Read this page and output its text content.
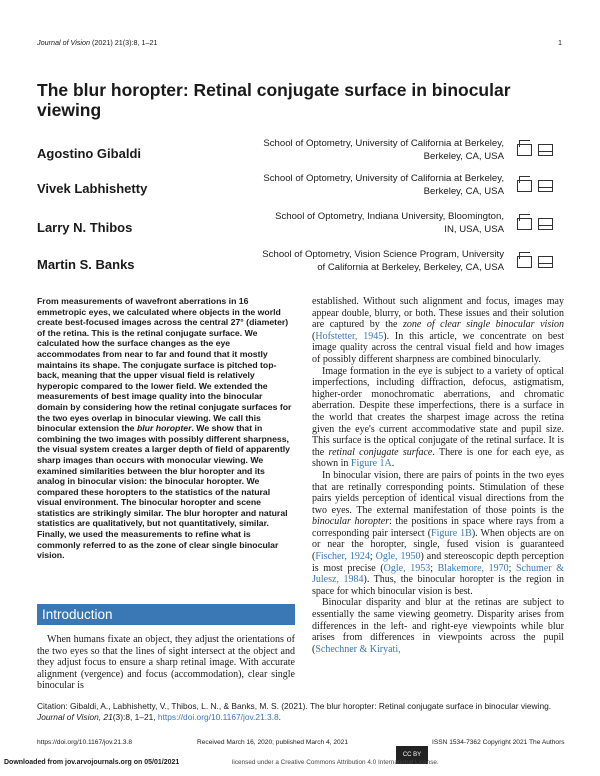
Journal of Vision (2021) 21(3):8, 1–21	1
The blur horopter: Retinal conjugate surface in binocular viewing
Agostino Gibaldi
School of Optometry, University of California at Berkeley,
Berkeley, CA, USA
Vivek Labhishetty
School of Optometry, University of California at Berkeley,
Berkeley, CA, USA
Larry N. Thibos
School of Optometry, Indiana University, Bloomington,
IN, USA, USA
Martin S. Banks
School of Optometry, Vision Science Program, University
of California at Berkeley, Berkeley, CA, USA
From measurements of wavefront aberrations in 16 emmetropic eyes, we calculated where objects in the world create best-focused images across the central 27° (diameter) of the retina. This is the retinal conjugate surface. We calculated how the surface changes as the eye accommodates from near to far and found that it mostly maintains its shape. The conjugate surface is pitched top-back, meaning that the upper visual field is relatively hyperopic compared to the lower field. We extended the measurements of best image quality into the binocular domain by considering how the retinal conjugate surfaces for the two eyes overlap in binocular viewing. We call this binocular extension the blur horopter. We show that in combining the two images with possibly different sharpness, the visual system creates a larger depth of field of apparently sharp images than occurs with monocular viewing. We examined similarities between the blur horopter and its analog in binocular vision: the binocular horopter. We compared these horopters to the statistics of the natural visual environment. The binocular horopter and scene statistics are strikingly similar. The blur horopter and natural statistics are qualitatively, but not quantitatively, similar. Finally, we used the measurements to refine what is commonly referred to as the zone of clear single binocular vision.
Introduction
When humans fixate an object, they adjust the orientations of the two eyes so that the lines of sight intersect at the object and they adjust focus to ensure a sharp retinal image. With accurate alignment (vergence) and focus (accommodation), clear single binocular is

established. Without such alignment and focus, images may appear double, blurry, or both. These issues and their solution are captured by the zone of clear single binocular vision (Hofstetter, 1945). In this article, we concentrate on best image quality across the central visual field and how images of possibly different sharpness are combined binocularly.

Image formation in the eye is subject to a variety of optical imperfections, including diffraction, defocus, astigmatism, higher-order monochromatic aberrations, and chromatic aberration. Despite these imperfections, there is a surface in the world that creates the sharpest image across the retina given the eye's current accommodative state and pupil size. This surface is the optical conjugate of the retinal surface. It is the retinal conjugate surface. There is one for each eye, as shown in Figure 1A.

In binocular vision, there are pairs of points in the two eyes that are retinally corresponding points. Stimulation of these pairs yields perception of identical visual directions from the two eyes. The external manifestation of those points is the binocular horopter: the positions in space where rays from a corresponding pair intersect (Figure 1B). When objects are on or near the horopter, single, fused vision is guaranteed (Fischer, 1924; Ogle, 1950) and stereoscopic depth perception is most precise (Ogle, 1953; Blakemore, 1970; Schumer & Julesz, 1984). Thus, the binocular horopter is the region in space for which binocular vision is best.

Binocular disparity and blur at the retinas are subject to essentially the same viewing geometry. Disparity arises from differences in the left- and right-eye viewpoints while blur arises from differences in viewpoints across the pupil (Schechner & Kiryati,

Citation: Gibaldi, A., Labhishetty, V., Thibos, L. N., & Banks, M. S. (2021). The blur horopter: Retinal conjugate surface in binocular viewing. Journal of Vision, 21(3):8, 1–21, https://doi.org/10.1167/jov.21.3.8.
https://doi.org/10.1167/jov.21.3.8	Received March 16, 2020; published March 4, 2021	ISSN 1534-7362 Copyright 2021 The Authors
CC BY
Downloaded from jov.arvojournals.org on 05/01/2021	licensed under a Creative Commons Attribution 4.0 International License.
